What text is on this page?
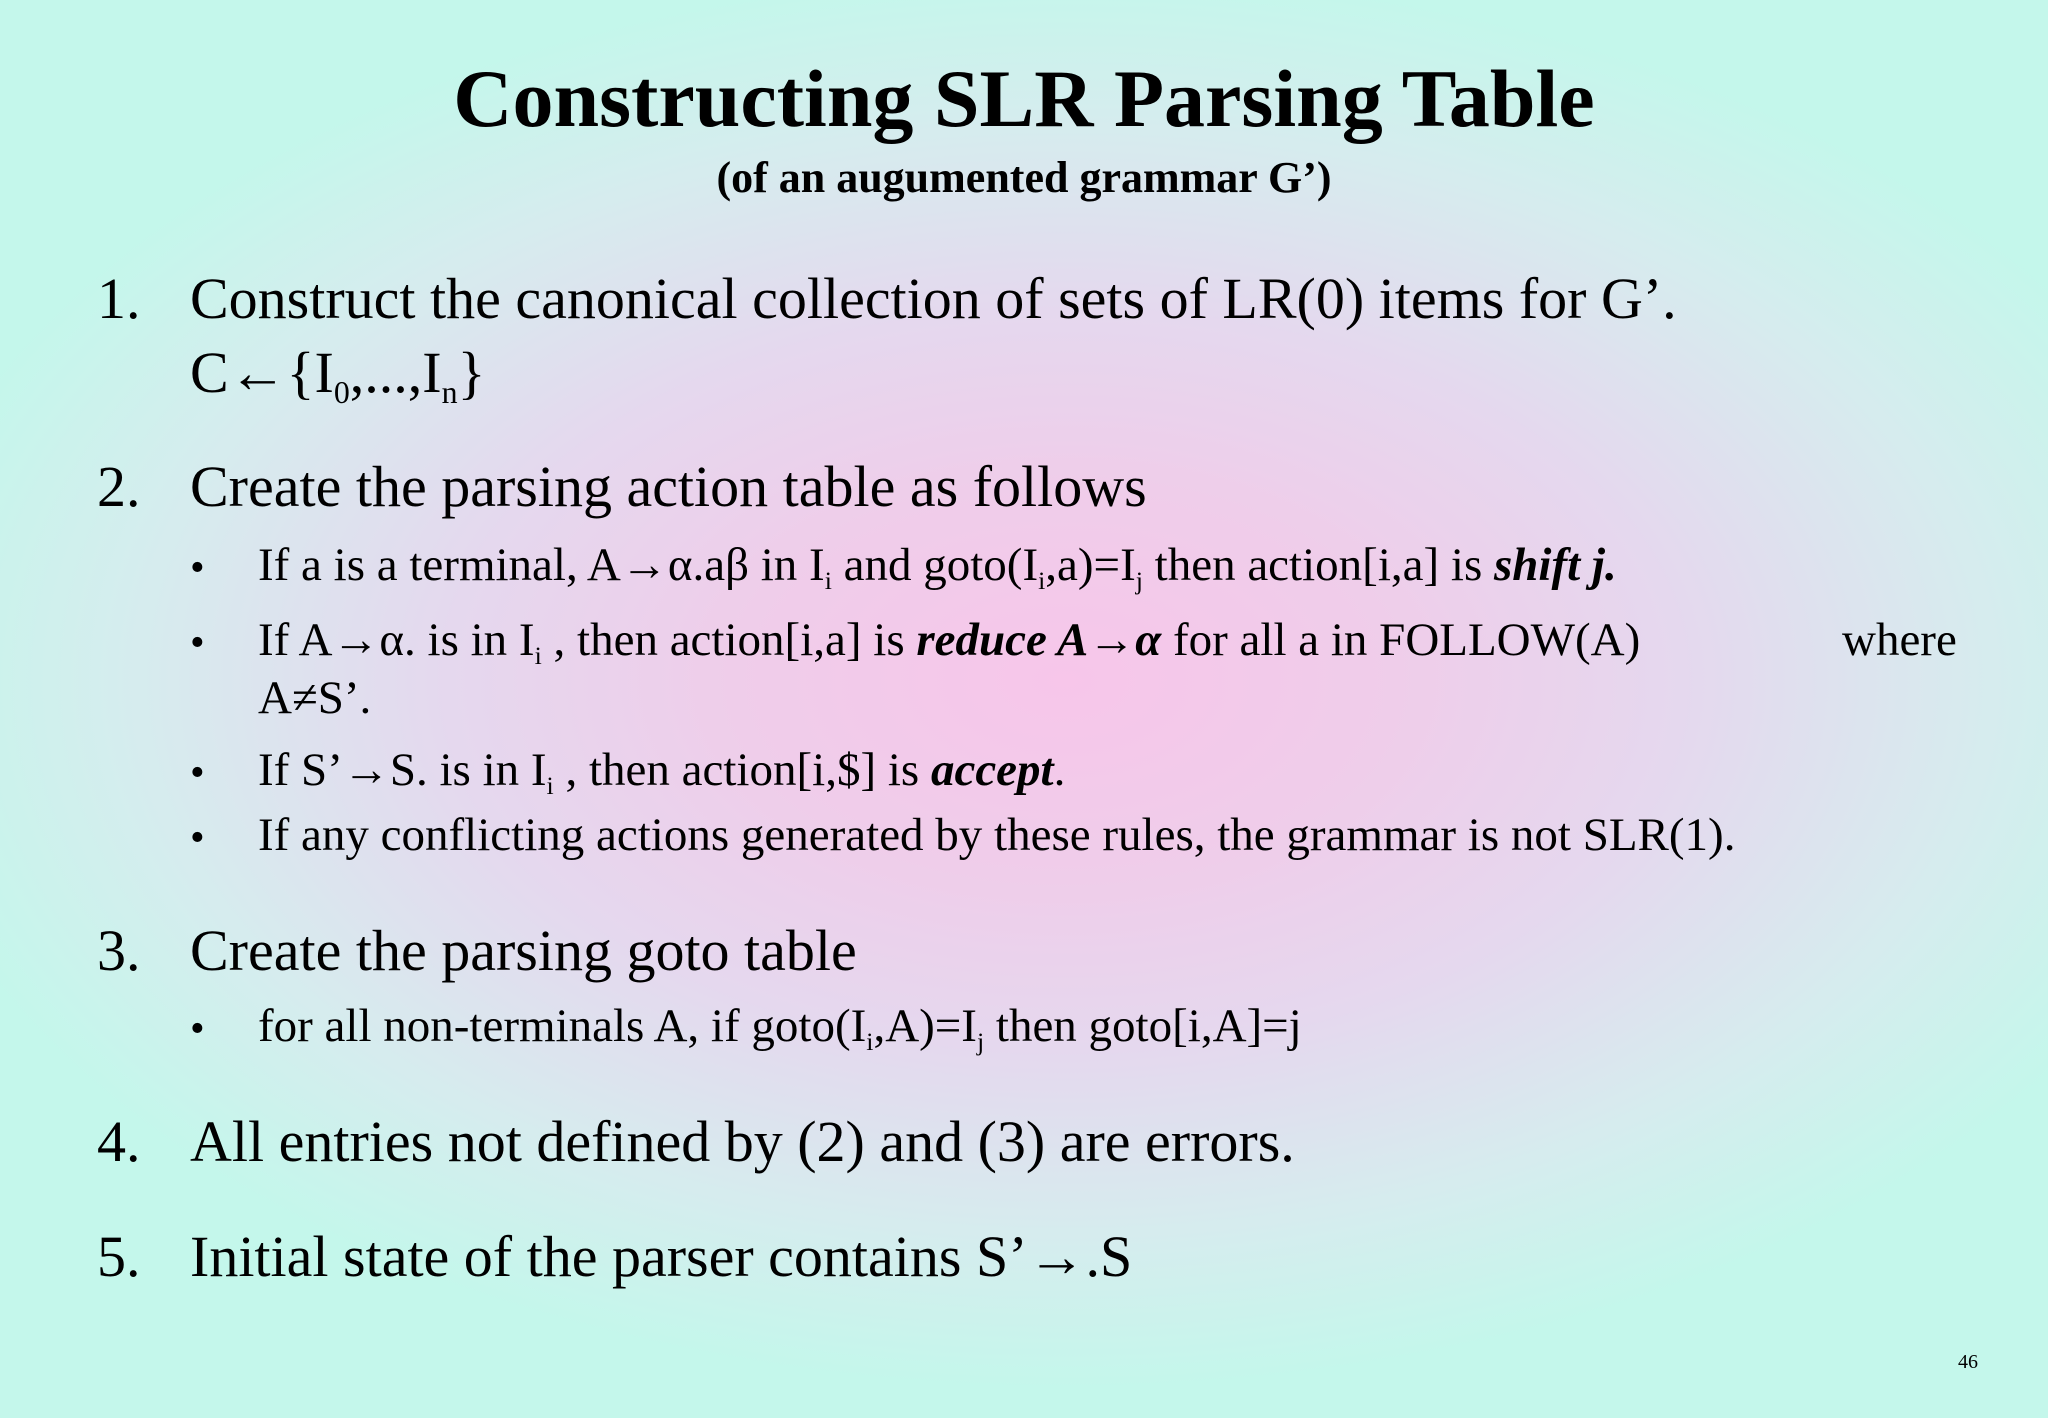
Constructing SLR Parsing Table
(of an augumented grammar G’)
1. Construct the canonical collection of sets of LR(0) items for G’.
$C\leftarrow\{I_0,...,I_n\}$
2. Create the parsing action table as follows
• If a is a terminal, A→α.aβ in $I_i$ and $goto(I_i,a)=I_j$ then action[i,a] is shift j.
• If A→α. is in $I_i$ , then action[i,a] is reduce A→α for all a in FOLLOW(A)	where
A≠S’.
• If S’→S. is in $I_i$ , then action[i,$] is accept.
• If any conflicting actions generated by these rules, the grammar is not SLR(1).
3. Create the parsing goto table
• for all non-terminals A, if $goto(I_i,A)=I_j$ then goto[i,A]=j
4. All entries not defined by (2) and (3) are errors.
5. Initial state of the parser contains S’→.S
46
